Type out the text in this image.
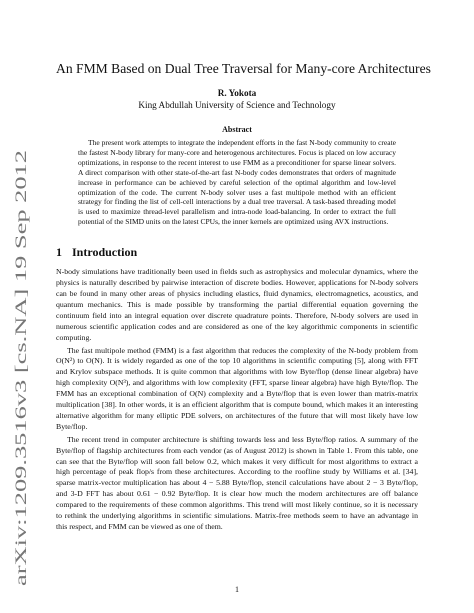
arXiv:1209.3516v3 [cs.NA] 19 Sep 2012
An FMM Based on Dual Tree Traversal for Many-core Architectures
R. Yokota
King Abdullah University of Science and Technology
Abstract

The present work attempts to integrate the independent efforts in the fast N-body community to create the fastest N-body library for many-core and heterogenous architectures. Focus is placed on low accuracy optimizations, in response to the recent interest to use FMM as a preconditioner for sparse linear solvers. A direct comparison with other state-of-the-art fast N-body codes demonstrates that orders of magnitude increase in performance can be achieved by careful selection of the optimal algorithm and low-level optimization of the code. The current N-body solver uses a fast multipole method with an efficient strategy for finding the list of cell-cell interactions by a dual tree traversal. A task-based threading model is used to maximize thread-level parallelism and intra-node load-balancing. In order to extract the full potential of the SIMD units on the latest CPUs, the inner kernels are optimized using AVX instructions.

1 Introduction

N-body simulations have traditionally been used in fields such as astrophysics and molecular dynamics, where the physics is naturally described by pairwise interaction of discrete bodies. However, applications for N-body solvers can be found in many other areas of physics including elastics, fluid dynamics, electromagnetics, acoustics, and quantum mechanics. This is made possible by transforming the partial differential equation governing the continuum field into an integral equation over discrete quadrature points. Therefore, N-body solvers are used in numerous scientific application codes and are considered as one of the key algorithmic components in scientific computing.

The fast multipole method (FMM) is a fast algorithm that reduces the complexity of the N-body problem from O(N²) to O(N). It is widely regarded as one of the top 10 algorithms in scientific computing [5], along with FFT and Krylov subspace methods. It is quite common that algorithms with low Byte/flop (dense linear algebra) have high complexity O(N³), and algorithms with low complexity (FFT, sparse linear algebra) have high Byte/flop. The FMM has an exceptional combination of O(N) complexity and a Byte/flop that is even lower than matrix-matrix multiplication [38]. In other words, it is an efficient algorithm that is compute bound, which makes it an interesting alternative algorithm for many elliptic PDE solvers, on architectures of the future that will most likely have low Byte/flop.

The recent trend in computer architecture is shifting towards less and less Byte/flop ratios. A summary of the Byte/flop of flagship architectures from each vendor (as of August 2012) is shown in Table 1. From this table, one can see that the Byte/flop will soon fall below 0.2, which makes it very difficult for most algorithms to extract a high percentage of peak flop/s from these architectures. According to the roofline study by Williams et al. [34], sparse matrix-vector multiplication has about 4 − 5.88 Byte/flop, stencil calculations have about 2 − 3 Byte/flop, and 3-D FFT has about 0.61 − 0.92 Byte/flop. It is clear how much the modern architectures are off balance compared to the requirements of these common algorithms. This trend will most likely continue, so it is necessary to rethink the underlying algorithms in scientific simulations. Matrix-free methods seem to have an advantage in this respect, and FMM can be viewed as one of them.

1
